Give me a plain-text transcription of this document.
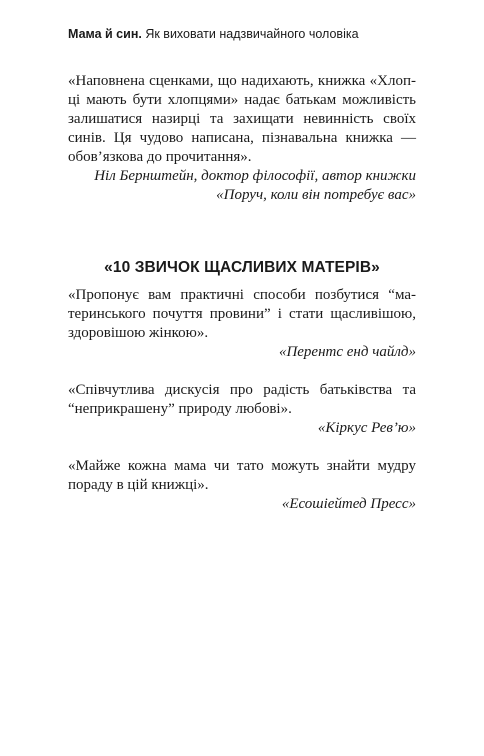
Мама й син. Як виховати надзвичайного чоловіка

«Наповнена сценками, що надихають, книжка «Хлопці мають бути хлопцями» надає батькам можливість залишатися назирці та захищати невинність своїх синів. Ця чудово написана, пізнавальна книжка — обов’язкова до прочитання».

Ніл Бернштейн, доктор філософії, автор книжки

«Поруч, коли він потребує вас»

«10 ЗВИЧОК ЩАСЛИВИХ МАТЕРІВ»

«Пропонує вам практичні способи позбутися “материнського почуття провини” і стати щасливішою, здоровішою жінкою».

«Перентс енд чайлд»

«Співчутлива дискусія про радість батьківства та “неприкрашену” природу любові».

«Кіркус Рев’ю»

«Майже кожна мама чи тато можуть знайти мудру пораду в цій книжці».

«Есошіейтед Пресс»
